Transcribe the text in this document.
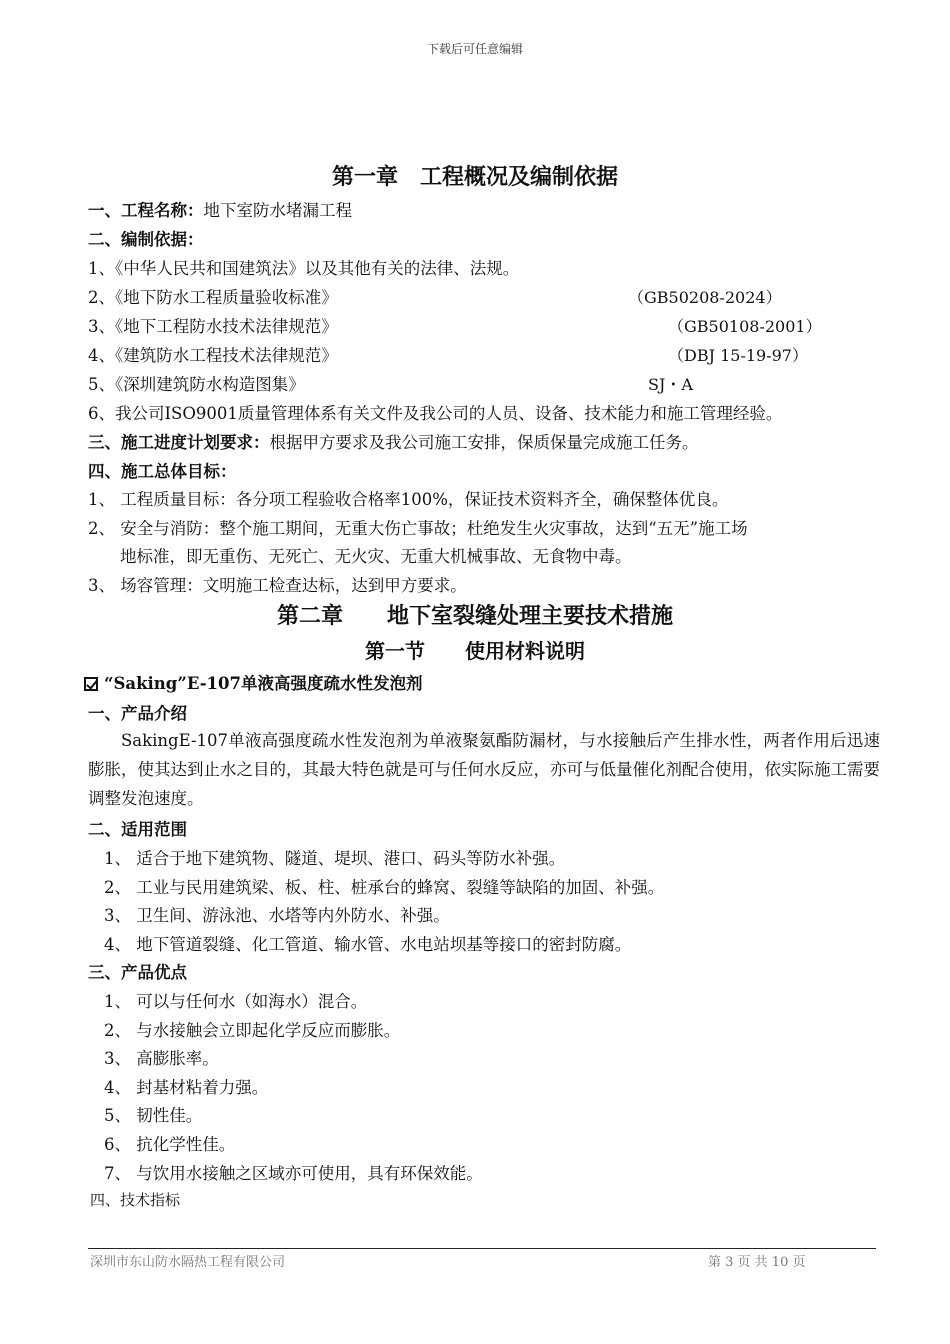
下载后可任意编辑
第一章　工程概况及编制依据
一、工程名称：地下室防水堵漏工程
二、编制依据：
1、《中华人民共和国建筑法》以及其他有关的法律、法规。
2、《地下防水工程质量验收标准》	（GB50208-2024）
3、《地下工程防水技术法律规范》	（GB50108-2001）
4、《建筑防水工程技术法律规范》	（DBJ 15-19-97）
5、《深圳建筑防水构造图集》	SJ・A
6、我公司ISO9001质量管理体系有关文件及我公司的人员、设备、技术能力和施工管理经验。
三、施工进度计划要求：根据甲方要求及我公司施工安排，保质保量完成施工任务。
四、施工总体目标：
1、 工程质量目标：各分项工程验收合格率100%，保证技术资料齐全，确保整体优良。
2、 安全与消防：整个施工期间，无重大伤亡事故；杜绝发生火灾事故，达到“五无”施工场
地标准，即无重伤、无死亡、无火灾、无重大机械事故、无食物中毒。
3、 场容管理：文明施工检查达标，达到甲方要求。
第二章　　地下室裂缝处理主要技术措施
第一节　　使用材料说明
“Saking”E-107单液高强度疏水性发泡剂
一、产品介绍
SakingE-107单液高强度疏水性发泡剂为单液聚氨酯防漏材，与水接触后产生排水性，两者作用后迅速膨胀，使其达到止水之目的，其最大特色就是可与任何水反应，亦可与低量催化剂配合使用，依实际施工需要调整发泡速度。
二、适用范围
1、 适合于地下建筑物、隧道、堤坝、港口、码头等防水补强。
2、 工业与民用建筑梁、板、柱、桩承台的蜂窝、裂缝等缺陷的加固、补强。
3、 卫生间、游泳池、水塔等内外防水、补强。
4、 地下管道裂缝、化工管道、输水管、水电站坝基等接口的密封防腐。
三、产品优点
1、 可以与任何水（如海水）混合。
2、 与水接触会立即起化学反应而膨胀。
3、 高膨胀率。
4、 封基材粘着力强。
5、 韧性佳。
6、 抗化学性佳。
7、 与饮用水接触之区域亦可使用，具有环保效能。
四、技术指标
深圳市东山防水隔热工程有限公司	第 3 页 共 10 页
